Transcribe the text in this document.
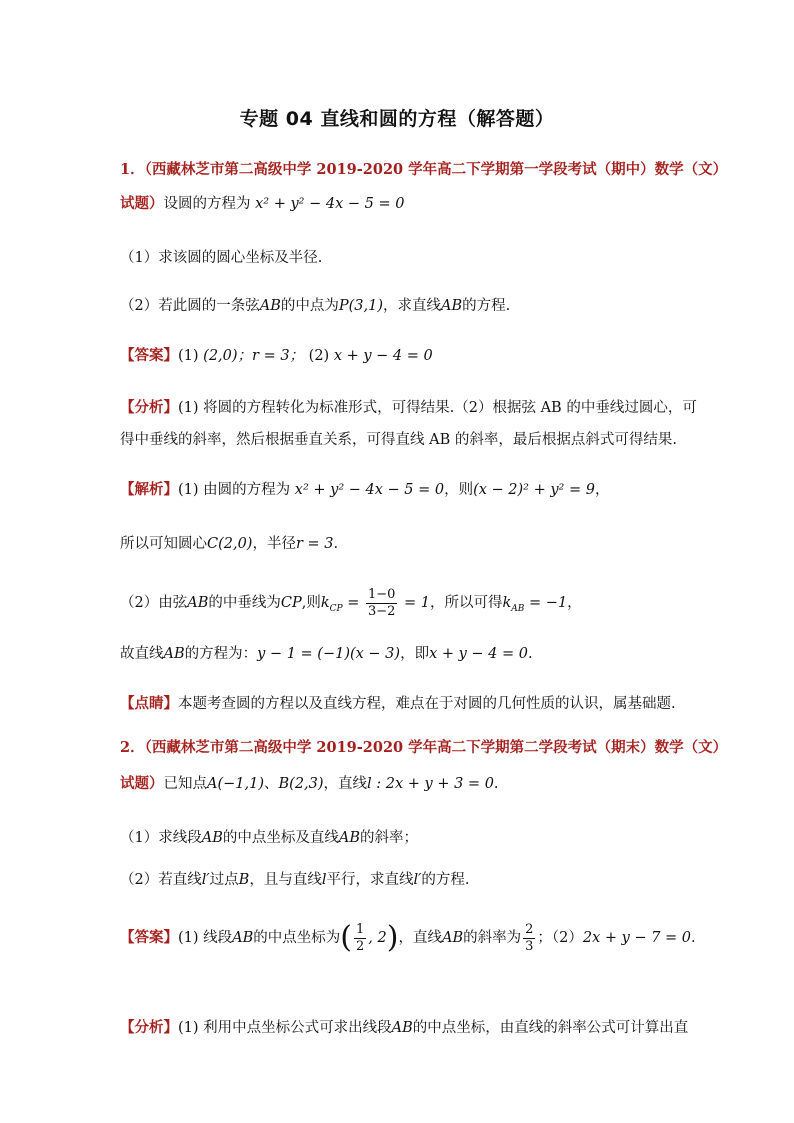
专题 04 直线和圆的方程（解答题）
1．（西藏林芝市第二高级中学 2019-2020 学年高二下学期第一学段考试（期中）数学（文）
试题）设圆的方程为 x² + y² − 4x − 5 = 0
（1）求该圆的圆心坐标及半径.
（2）若此圆的一条弦AB的中点为P(3,1)，求直线AB的方程.
【答案】(1) (2,0)；r = 3； (2) x + y − 4 = 0
【分析】(1) 将圆的方程转化为标准形式，可得结果.（2）根据弦 AB 的中垂线过圆心，可
得中垂线的斜率，然后根据垂直关系，可得直线 AB 的斜率，最后根据点斜式可得结果.
【解析】(1) 由圆的方程为 x² + y² − 4x − 5 = 0，则(x − 2)² + y² = 9，
所以可知圆心C(2,0)，半径r = 3.
（2）由弦AB的中垂线为CP,则$k_{CP} = \frac{1-0}{3-2} = 1$，所以可得$k_{AB} = -1$，
故直线AB的方程为：y − 1 = (−1)(x − 3)，即x + y − 4 = 0.
【点睛】本题考查圆的方程以及直线方程，难点在于对圆的几何性质的认识，属基础题.
2．（西藏林芝市第二高级中学 2019-2020 学年高二下学期第二学段考试（期末）数学（文）
试题）已知点A(−1,1)、B(2,3)，直线l : 2x + y + 3 = 0.
（1）求线段AB的中点坐标及直线AB的斜率；
（2）若直线l′过点B，且与直线l平行，求直线l′的方程.
【答案】(1) 线段AB的中点坐标为( $\frac{1}{2}$ , 2)，直线AB的斜率为 $\frac{2}{3}$ ；（2）2x + y − 7 = 0.
【分析】(1) 利用中点坐标公式可求出线段AB的中点坐标，由直线的斜率公式可计算出直
